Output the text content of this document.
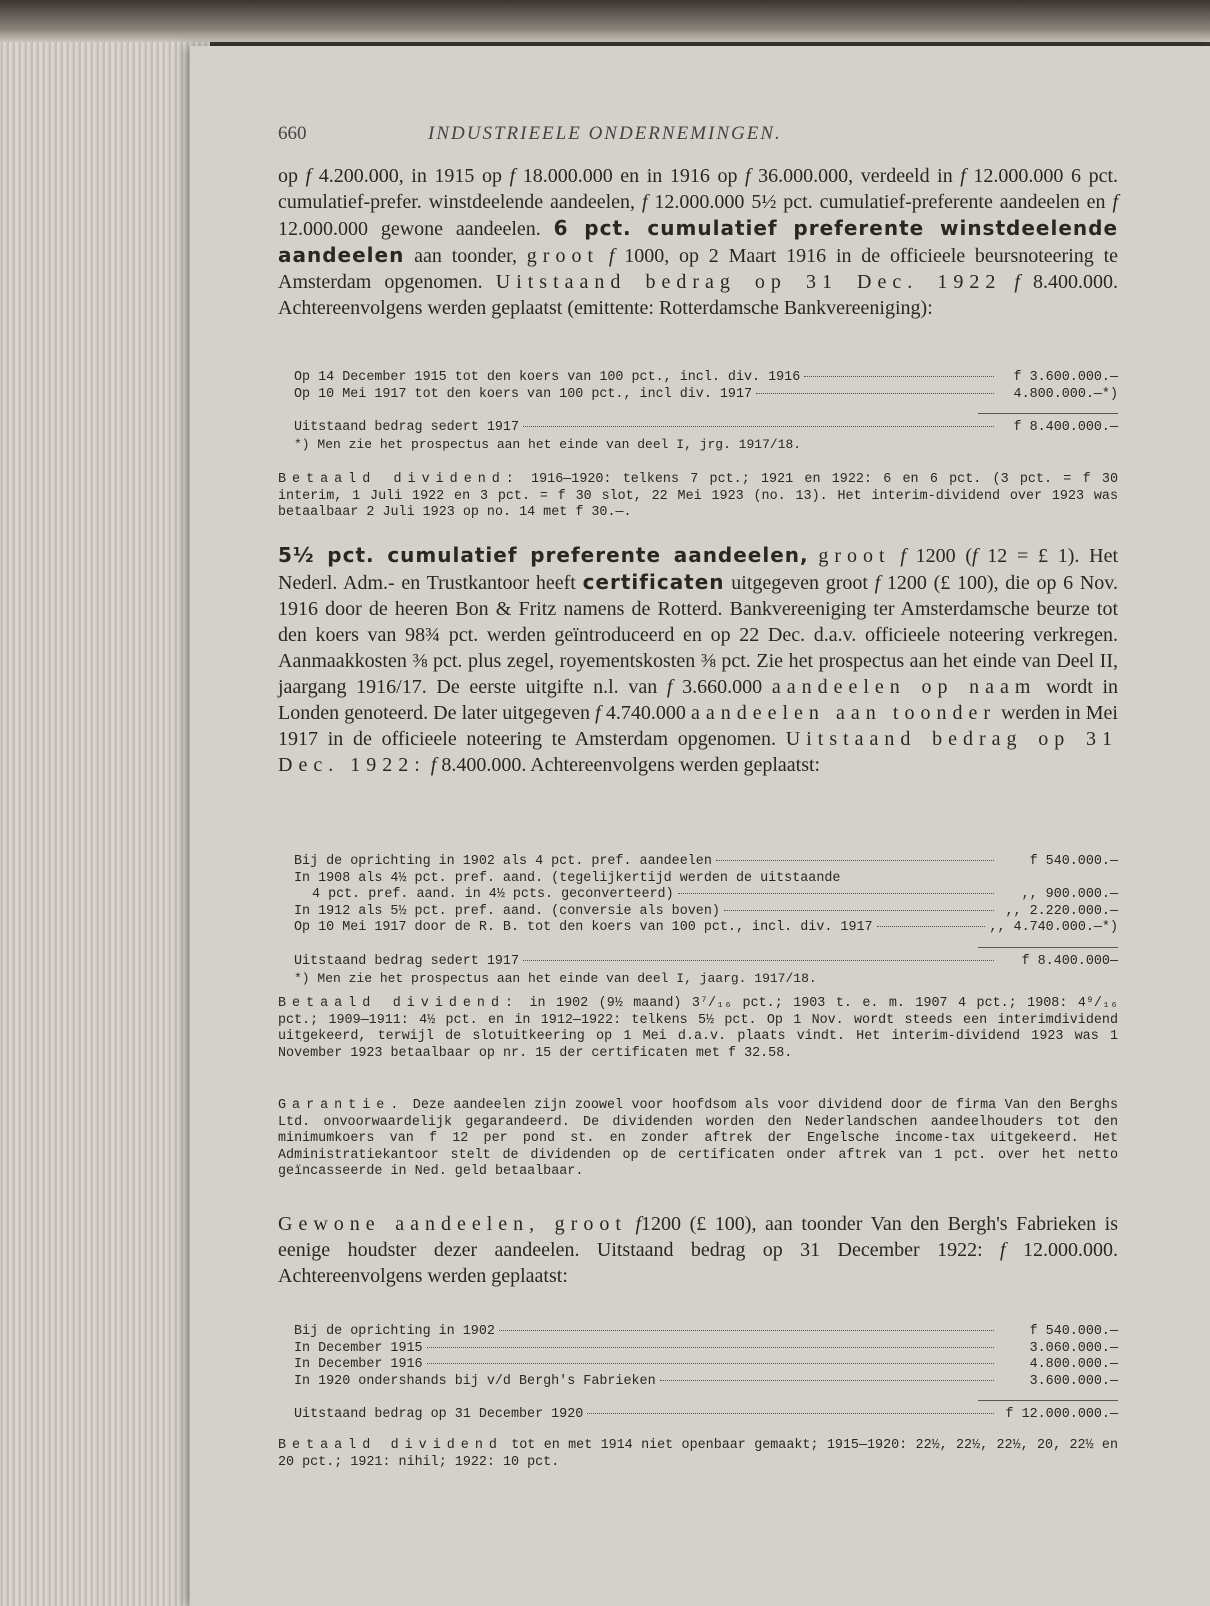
660	INDUSTRIEELE ONDERNEMINGEN.

op f 4.200.000, in 1915 op f 18.000.000 en in 1916 op f 36.000.000, verdeeld in f 12.000.000 6 pct. cumulatief-prefer. winstdeelende aandeelen, f 12.000.000 5½ pct. cumulatief-preferente aandeelen en f 12.000.000 gewone aandeelen. 6 pct. cumulatief preferente winstdeelende aandeelen aan toonder, groot f 1000, op 2 Maart 1916 in de officieele beursnoteering te Amsterdam opgenomen. Uitstaand bedrag op 31 Dec. 1922 f 8.400.000. Achtereenvolgens werden geplaatst (emittente: Rotterdamsche Bankvereeniging):

Op 14 December 1915 tot den koers van 100 pct., incl. div. 1916	f 3.600.000.—
Op 10 Mei 1917 tot den koers van 100 pct., incl div. 1917	4.800.000.—*)
Uitstaand bedrag sedert 1917	f 8.400.000.—
*) Men zie het prospectus aan het einde van deel I, jrg. 1917/18.

Betaald dividend: 1916—1920: telkens 7 pct.; 1921 en 1922: 6 en 6 pct. (3 pct. = f 30 interim, 1 Juli 1922 en 3 pct. = f 30 slot, 22 Mei 1923 (no. 13). Het interim-dividend over 1923 was betaalbaar 2 Juli 1923 op no. 14 met f 30.—.

5½ pct. cumulatief preferente aandeelen, groot f 1200 (f 12 = £ 1). Het Nederl. Adm.- en Trustkantoor heeft certificaten uitgegeven groot f 1200 (£ 100), die op 6 Nov. 1916 door de heeren Bon & Fritz namens de Rotterd. Bankvereeniging ter Amsterdamsche beurze tot den koers van 98¾ pct. werden geïntroduceerd en op 22 Dec. d.a.v. officieele noteering verkregen. Aanmaakkosten ⅜ pct. plus zegel, royementskosten ⅜ pct. Zie het prospectus aan het einde van Deel II, jaargang 1916/17. De eerste uitgifte n.l. van f 3.660.000 aandeelen op naam wordt in Londen genoteerd. De later uitgegeven f 4.740.000 aandeelen aan toonder werden in Mei 1917 in de officieele noteering te Amsterdam opgenomen. Uitstaand bedrag op 31 Dec. 1922: f 8.400.000. Achtereenvolgens werden geplaatst:

Bij de oprichting in 1902 als 4 pct. pref. aandeelen	f 540.000.—
In 1908 als 4½ pct. pref. aand. (tegelijkertijd werden de uitstaande
4 pct. pref. aand. in 4½ pcts. geconverteerd)	,, 900.000.—
In 1912 als 5½ pct. pref. aand. (conversie als boven)	,, 2.220.000.—
Op 10 Mei 1917 door de R. B. tot den koers van 100 pct., incl. div. 1917	,, 4.740.000.—*)
Uitstaand bedrag sedert 1917	f 8.400.000—
*) Men zie het prospectus aan het einde van deel I, jaarg. 1917/18.

Betaald dividend: in 1902 (9½ maand) 3⁷/₁₆ pct.; 1903 t. e. m. 1907 4 pct.; 1908: 4⁹/₁₆ pct.; 1909—1911: 4½ pct. en in 1912—1922: telkens 5½ pct. Op 1 Nov. wordt steeds een interimdividend uitgekeerd, terwijl de slotuitkeering op 1 Mei d.a.v. plaats vindt. Het interim-dividend 1923 was 1 November 1923 betaalbaar op nr. 15 der certificaten met f 32.58.

Garantie. Deze aandeelen zijn zoowel voor hoofdsom als voor dividend door de firma Van den Berghs Ltd. onvoorwaardelijk gegarandeerd. De dividenden worden den Nederlandschen aandeelhouders tot den minimumkoers van f 12 per pond st. en zonder aftrek der Engelsche income-tax uitgekeerd. Het Administratiekantoor stelt de dividenden op de certificaten onder aftrek van 1 pct. over het netto geïncasseerde in Ned. geld betaalbaar.

Gewone aandeelen, groot f1200 (£ 100), aan toonder Van den Bergh's Fabrieken is eenige houdster dezer aandeelen. Uitstaand bedrag op 31 December 1922: f 12.000.000. Achtereenvolgens werden geplaatst:

Bij de oprichting in 1902	f 540.000.—
In December 1915	3.060.000.—
In December 1916	4.800.000.—
In 1920 ondershands bij v/d Bergh's Fabrieken	3.600.000.—
Uitstaand bedrag op 31 December 1920	f 12.000.000.—

Betaald dividend tot en met 1914 niet openbaar gemaakt; 1915—1920: 22½, 22½, 22½, 20, 22½ en 20 pct.; 1921: nihil; 1922: 10 pct.
